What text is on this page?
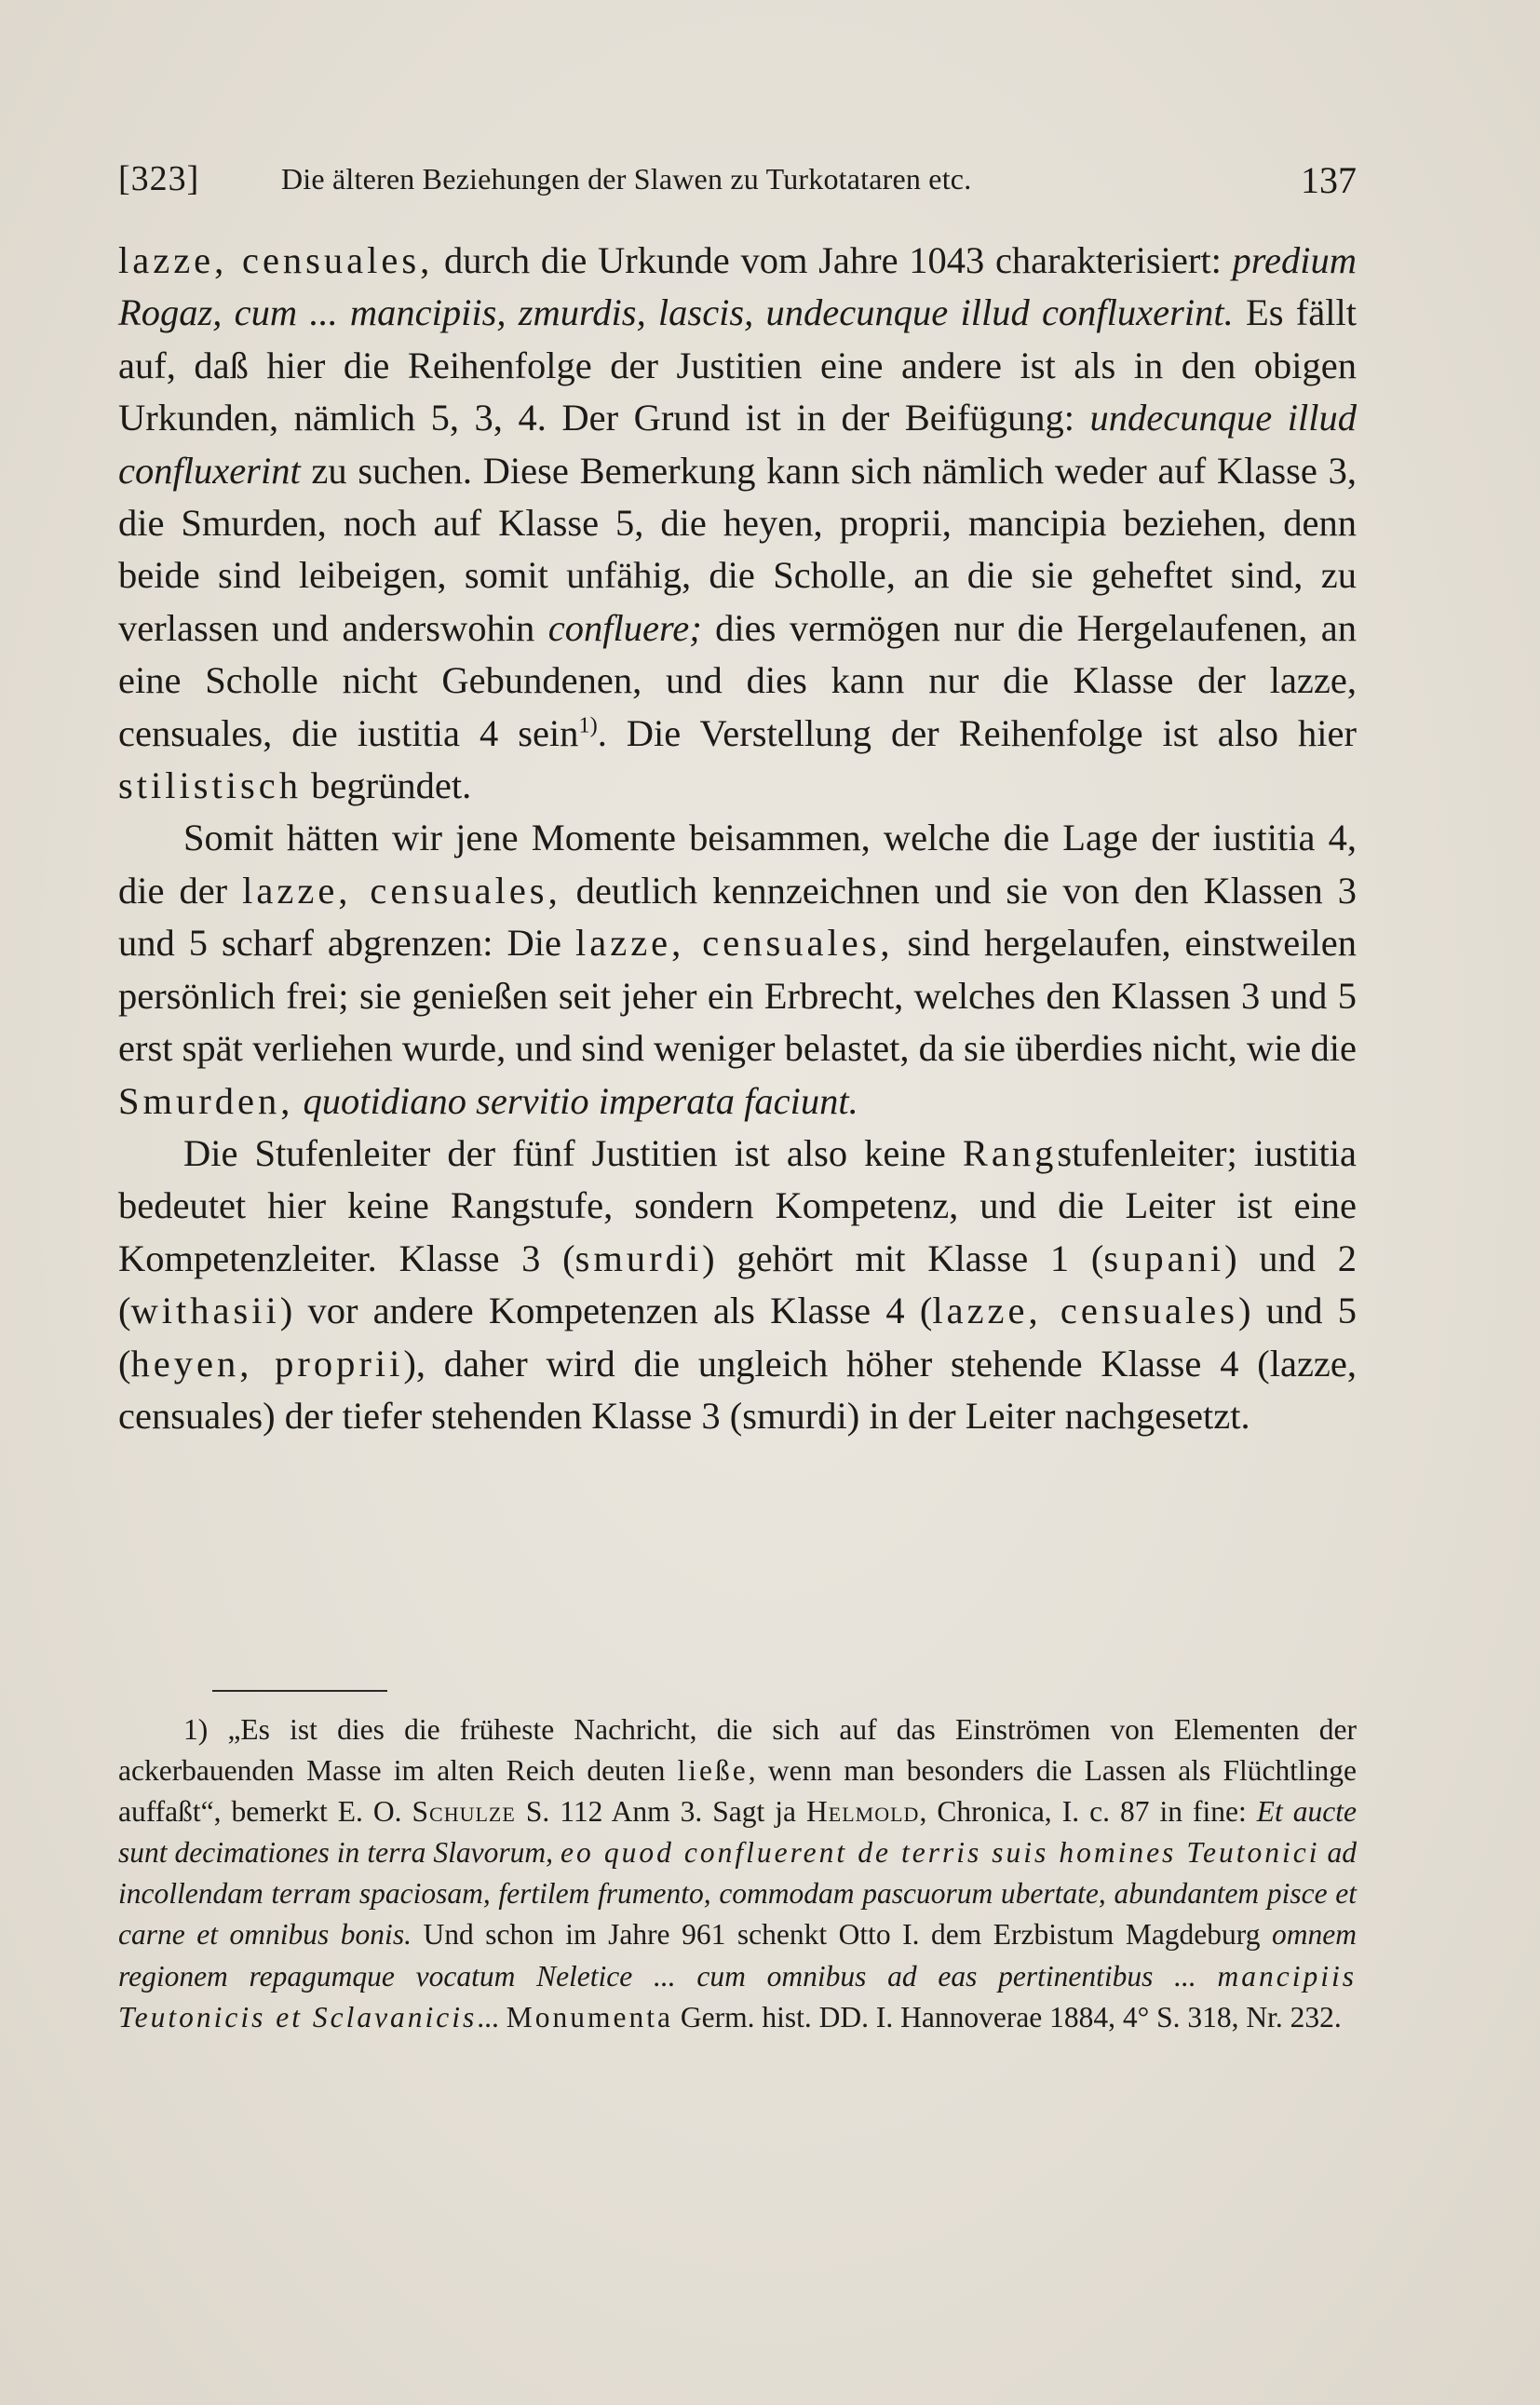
[323]	Die älteren Beziehungen der Slawen zu Turkotataren etc.	137

lazze, censuales, durch die Urkunde vom Jahre 1043 charakterisiert: predium Rogaz, cum ... mancipiis, zmurdis, lascis, undecunque illud confluxerint. Es fällt auf, daß hier die Reihenfolge der Justitien eine andere ist als in den obigen Urkunden, nämlich 5, 3, 4. Der Grund ist in der Beifügung: undecunque illud confluxerint zu suchen. Diese Bemerkung kann sich nämlich weder auf Klasse 3, die Smurden, noch auf Klasse 5, die heyen, proprii, mancipia beziehen, denn beide sind leibeigen, somit unfähig, die Scholle, an die sie geheftet sind, zu verlassen und anderswohin confluere; dies vermögen nur die Hergelaufenen, an eine Scholle nicht Gebundenen, und dies kann nur die Klasse der lazze, censuales, die iustitia 4 sein$^{1)}$. Die Verstellung der Reihenfolge ist also hier stilistisch begründet.

Somit hätten wir jene Momente beisammen, welche die Lage der iustitia 4, die der lazze, censuales, deutlich kennzeichnen und sie von den Klassen 3 und 5 scharf abgrenzen: Die lazze, censuales, sind hergelaufen, einstweilen persönlich frei; sie genießen seit jeher ein Erbrecht, welches den Klassen 3 und 5 erst spät verliehen wurde, und sind weniger belastet, da sie überdies nicht, wie die Smurden, quotidiano servitio imperata faciunt.

Die Stufenleiter der fünf Justitien ist also keine Rangstufenleiter; iustitia bedeutet hier keine Rangstufe, sondern Kompetenz, und die Leiter ist eine Kompetenzleiter. Klasse 3 (smurdi) gehört mit Klasse 1 (supani) und 2 (withasii) vor andere Kompetenzen als Klasse 4 (lazze, censuales) und 5 (heyen, proprii), daher wird die ungleich höher stehende Klasse 4 (lazze, censuales) der tiefer stehenden Klasse 3 (smurdi) in der Leiter nachgesetzt.

1) „Es ist dies die früheste Nachricht, die sich auf das Einströmen von Elementen der ackerbauenden Masse im alten Reich deuten ließe, wenn man besonders die Lassen als Flüchtlinge auffaßt“, bemerkt E. O. Schulze S. 112 Anm 3. Sagt ja Helmold, Chronica, I. c. 87 in fine: Et aucte sunt decimationes in terra Slavorum, eo quod confluerent de terris suis homines Teutonici ad incollendam terram spaciosam, fertilem frumento, commodam pascuorum ubertate, abundantem pisce et carne et omnibus bonis. Und schon im Jahre 961 schenkt Otto I. dem Erzbistum Magdeburg omnem regionem repagumque vocatum Neletice ... cum omnibus ad eas pertinentibus ... mancipiis Teutonicis et Sclavanicis... Monumenta Germ. hist. DD. I. Hannoverae 1884, 4° S. 318, Nr. 232.
